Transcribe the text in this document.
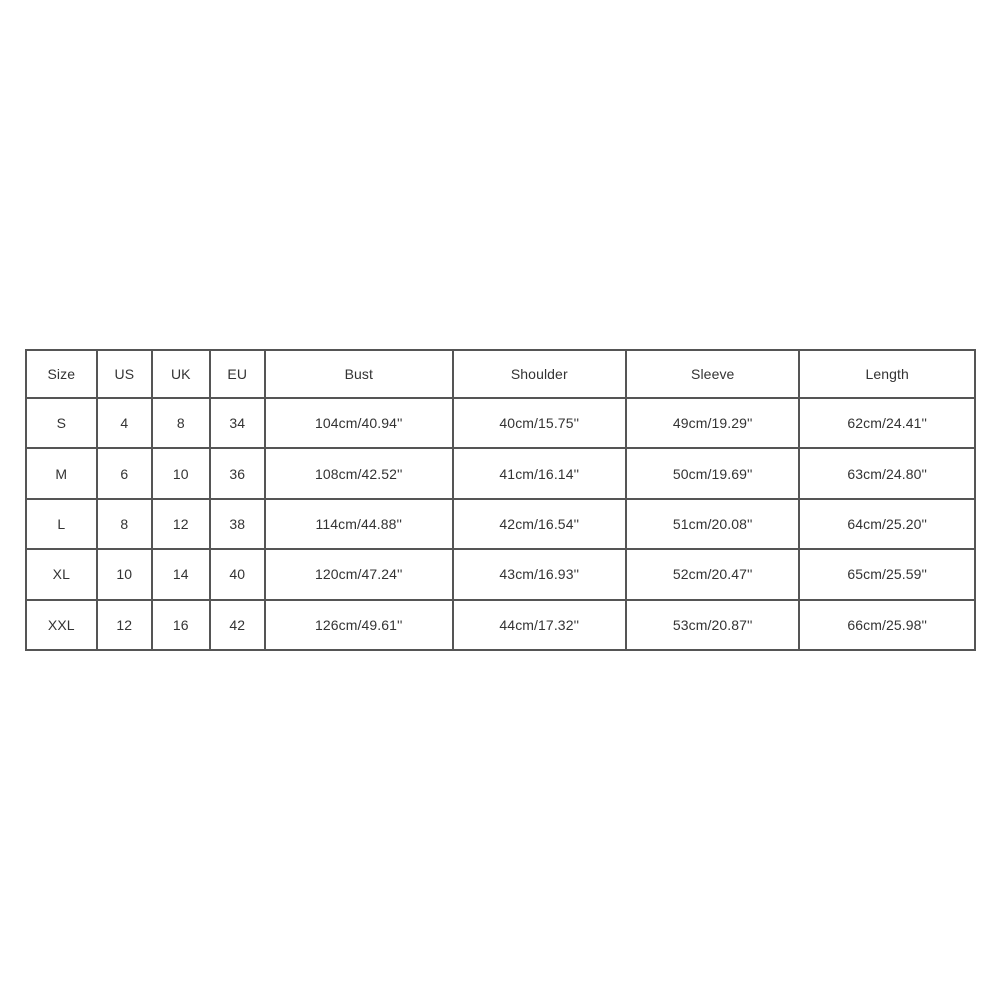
Size	US	UK	EU	Bust	Shoulder	Sleeve	Length
S	4	8	34	104cm/40.94''	40cm/15.75''	49cm/19.29''	62cm/24.41''
M	6	10	36	108cm/42.52''	41cm/16.14''	50cm/19.69''	63cm/24.80''
L	8	12	38	114cm/44.88''	42cm/16.54''	51cm/20.08''	64cm/25.20''
XL	10	14	40	120cm/47.24''	43cm/16.93''	52cm/20.47''	65cm/25.59''
XXL	12	16	42	126cm/49.61''	44cm/17.32''	53cm/20.87''	66cm/25.98''
